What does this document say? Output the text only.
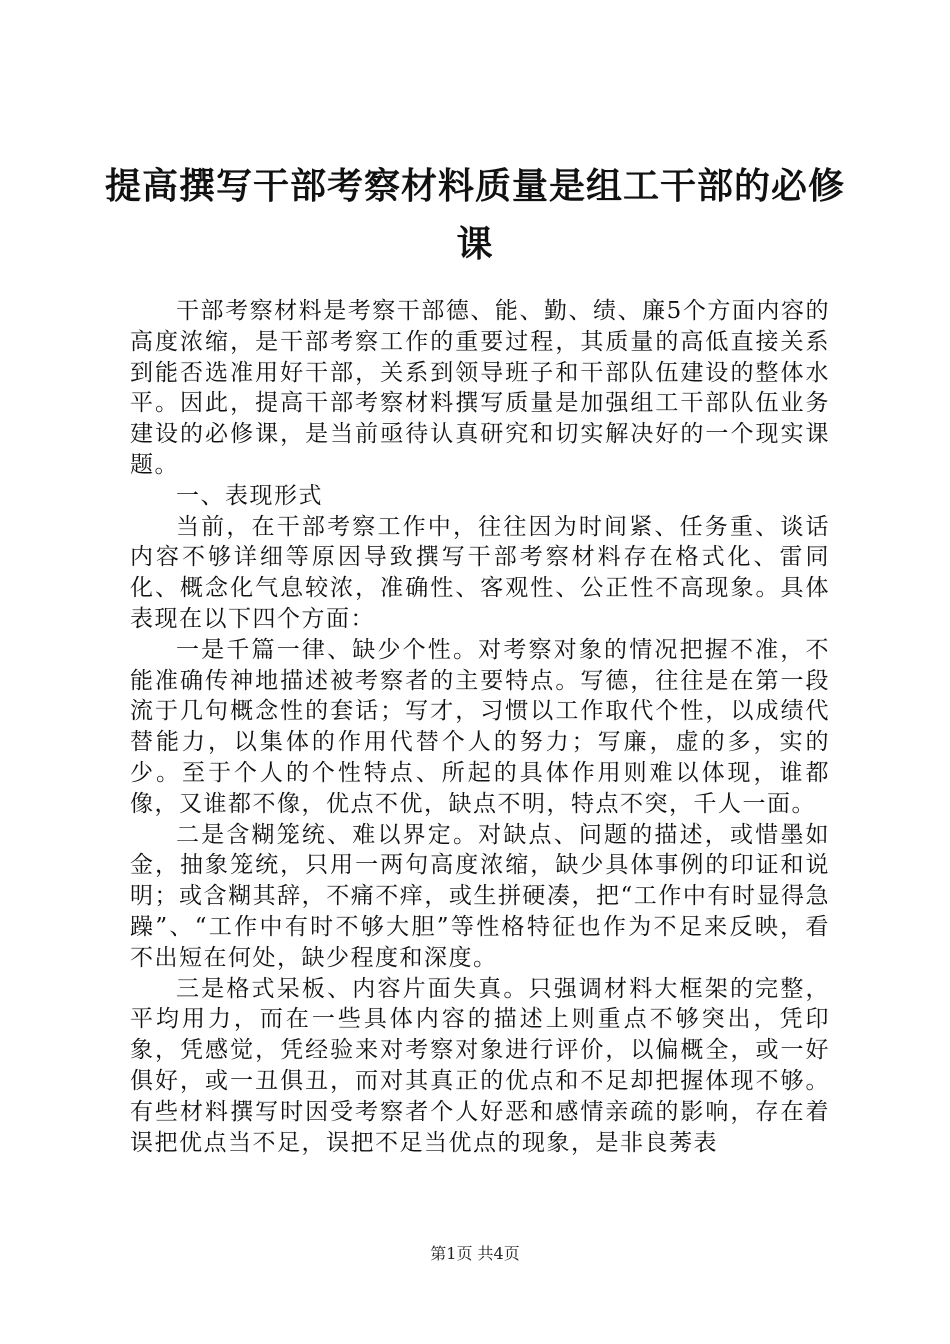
提高撰写干部考察材料质量是组工干部的必修课

干部考察材料是考察干部德、能、勤、绩、廉5个方面内容的高度浓缩，是干部考察工作的重要过程，其质量的高低直接关系到能否选准用好干部，关系到领导班子和干部队伍建设的整体水平。因此，提高干部考察材料撰写质量是加强组工干部队伍业务建设的必修课，是当前亟待认真研究和切实解决好的一个现实课题。

一、表现形式

当前，在干部考察工作中，往往因为时间紧、任务重、谈话内容不够详细等原因导致撰写干部考察材料存在格式化、雷同化、概念化气息较浓，准确性、客观性、公正性不高现象。具体表现在以下四个方面：

一是千篇一律、缺少个性。对考察对象的情况把握不准，不能准确传神地描述被考察者的主要特点。写德，往往是在第一段流于几句概念性的套话；写才，习惯以工作取代个性，以成绩代替能力，以集体的作用代替个人的努力；写廉，虚的多，实的少。至于个人的个性特点、所起的具体作用则难以体现，谁都像，又谁都不像，优点不优，缺点不明，特点不突，千人一面。

二是含糊笼统、难以界定。对缺点、问题的描述，或惜墨如金，抽象笼统，只用一两句高度浓缩，缺少具体事例的印证和说明；或含糊其辞，不痛不痒，或生拼硬凑，把“工作中有时显得急躁”、“工作中有时不够大胆”等性格特征也作为不足来反映，看不出短在何处，缺少程度和深度。

三是格式呆板、内容片面失真。只强调材料大框架的完整，平均用力，而在一些具体内容的描述上则重点不够突出，凭印象，凭感觉，凭经验来对考察对象进行评价，以偏概全，或一好俱好，或一丑俱丑，而对其真正的优点和不足却把握体现不够。有些材料撰写时因受考察者个人好恶和感情亲疏的影响，存在着误把优点当不足，误把不足当优点的现象，是非良莠表

第1页 共4页
